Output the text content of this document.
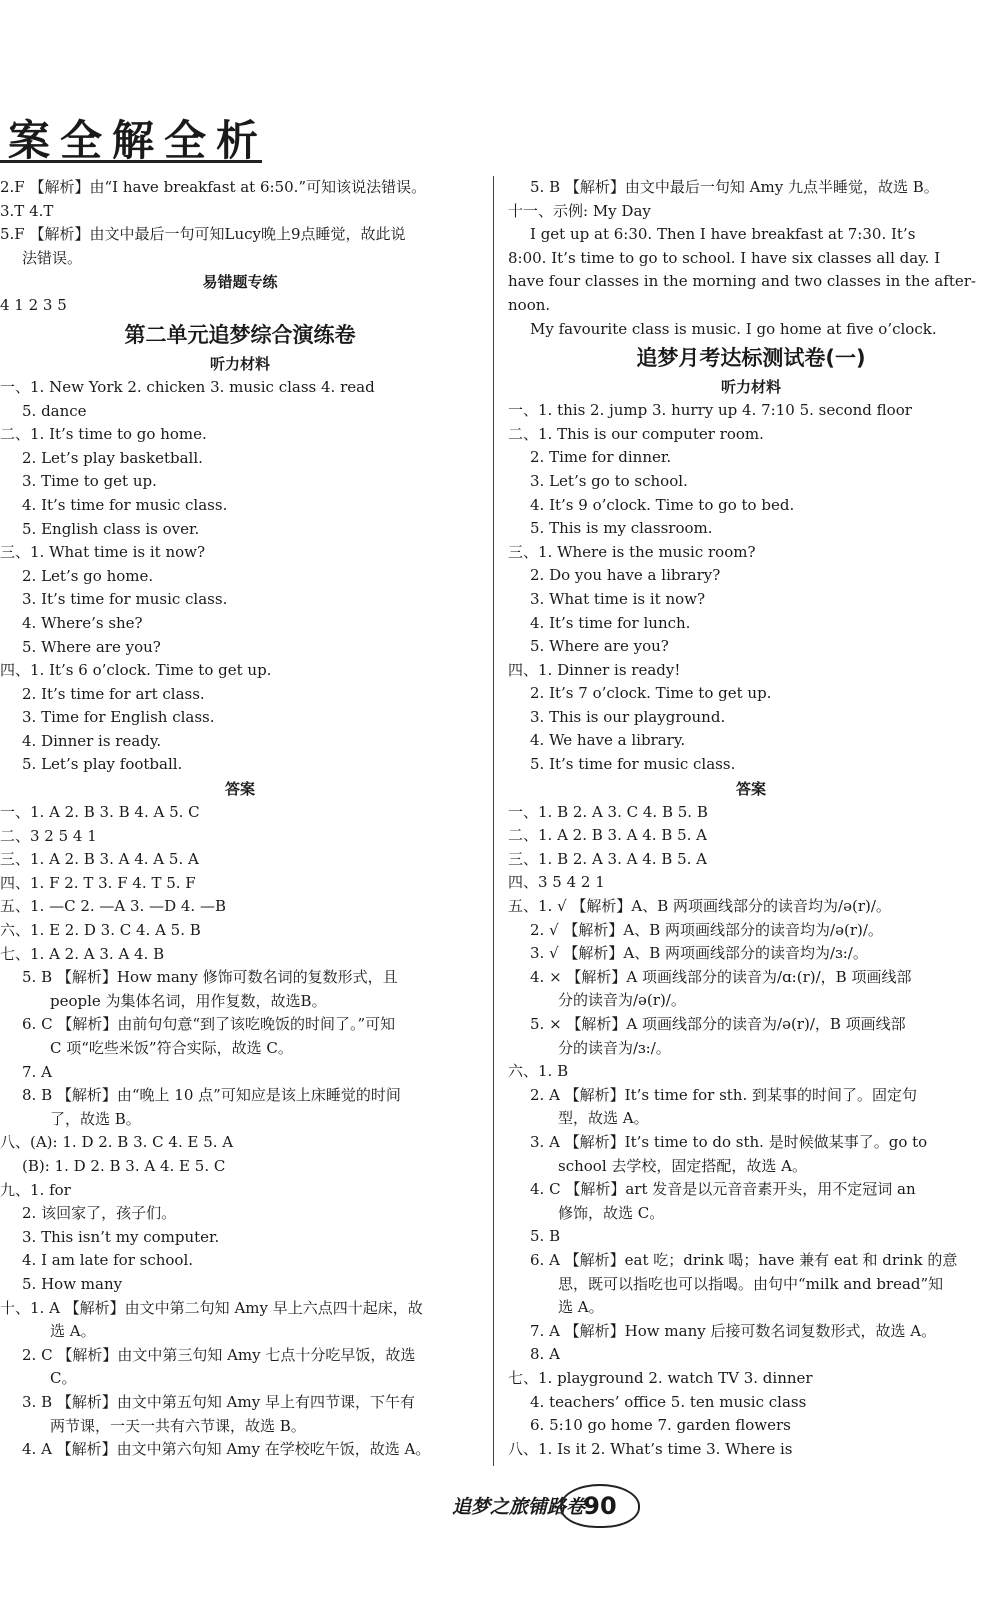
案全解全析
2.F 【解析】由“I have breakfast at 6:50.”可知该说法错误。
3.T 4.T
5.F 【解析】由文中最后一句可知Lucy晚上9点睡觉，故此说
法错误。
易错题专练
4 1 2 3 5
第二单元追梦综合演练卷
听力材料
一、1. New York 2. chicken 3. music class 4. read
5. dance
二、1. It’s time to go home.
2. Let’s play basketball.
3. Time to get up.
4. It’s time for music class.
5. English class is over.
三、1. What time is it now?
2. Let’s go home.
3. It’s time for music class.
4. Where’s she?
5. Where are you?
四、1. It’s 6 o’clock. Time to get up.
2. It’s time for art class.
3. Time for English class.
4. Dinner is ready.
5. Let’s play football.
答案
一、1. A 2. B 3. B 4. A 5. C
二、3 2 5 4 1
三、1. A 2. B 3. A 4. A 5. A
四、1. F 2. T 3. F 4. T 5. F
五、1. —C 2. —A 3. —D 4. —B
六、1. E 2. D 3. C 4. A 5. B
七、1. A 2. A 3. A 4. B
5. B 【解析】How many 修饰可数名词的复数形式，且
people 为集体名词，用作复数，故选B。
6. C 【解析】由前句句意“到了该吃晚饭的时间了。”可知
C 项“吃些米饭”符合实际，故选 C。
7. A
8. B 【解析】由“晚上 10 点”可知应是该上床睡觉的时间
了，故选 B。
八、(A): 1. D 2. B 3. C 4. E 5. A
(B): 1. D 2. B 3. A 4. E 5. C
九、1. for
2. 该回家了，孩子们。
3. This isn’t my computer.
4. I am late for school.
5. How many
十、1. A 【解析】由文中第二句知 Amy 早上六点四十起床，故
选 A。
2. C 【解析】由文中第三句知 Amy 七点十分吃早饭，故选
C。
3. B 【解析】由文中第五句知 Amy 早上有四节课，下午有
两节课，一天一共有六节课，故选 B。
4. A 【解析】由文中第六句知 Amy 在学校吃午饭，故选 A。
5. B 【解析】由文中最后一句知 Amy 九点半睡觉，故选 B。
十一、示例: My Day
I get up at 6:30. Then I have breakfast at 7:30. It’s
8:00. It’s time to go to school. I have six classes all day. I
have four classes in the morning and two classes in the after-
noon.
My favourite class is music. I go home at five o’clock.
追梦月考达标测试卷(一)
听力材料
一、1. this 2. jump 3. hurry up 4. 7:10 5. second floor
二、1. This is our computer room.
2. Time for dinner.
3. Let’s go to school.
4. It’s 9 o’clock. Time to go to bed.
5. This is my classroom.
三、1. Where is the music room?
2. Do you have a library?
3. What time is it now?
4. It’s time for lunch.
5. Where are you?
四、1. Dinner is ready!
2. It’s 7 o’clock. Time to get up.
3. This is our playground.
4. We have a library.
5. It’s time for music class.
答案
一、1. B 2. A 3. C 4. B 5. B
二、1. A 2. B 3. A 4. B 5. A
三、1. B 2. A 3. A 4. B 5. A
四、3 5 4 2 1
五、1. √ 【解析】A、B 两项画线部分的读音均为/ə(r)/。
2. √ 【解析】A、B 两项画线部分的读音均为/ə(r)/。
3. √ 【解析】A、B 两项画线部分的读音均为/ɜ:/。
4. × 【解析】A 项画线部分的读音为/ɑ:(r)/，B 项画线部
分的读音为/ə(r)/。
5. × 【解析】A 项画线部分的读音为/ə(r)/，B 项画线部
分的读音为/ɜ:/。
六、1. B
2. A 【解析】It’s time for sth. 到某事的时间了。固定句
型，故选 A。
3. A 【解析】It’s time to do sth. 是时候做某事了。go to
school 去学校，固定搭配，故选 A。
4. C 【解析】art 发音是以元音音素开头，用不定冠词 an
修饰，故选 C。
5. B
6. A 【解析】eat 吃；drink 喝；have 兼有 eat 和 drink 的意
思，既可以指吃也可以指喝。由句中“milk and bread”知
选 A。
7. A 【解析】How many 后接可数名词复数形式，故选 A。
8. A
七、1. playground 2. watch TV 3. dinner
4. teachers’ office 5. ten music class
6. 5:10 go home 7. garden flowers
八、1. Is it 2. What’s time 3. Where is
追梦之旅铺路卷
90
